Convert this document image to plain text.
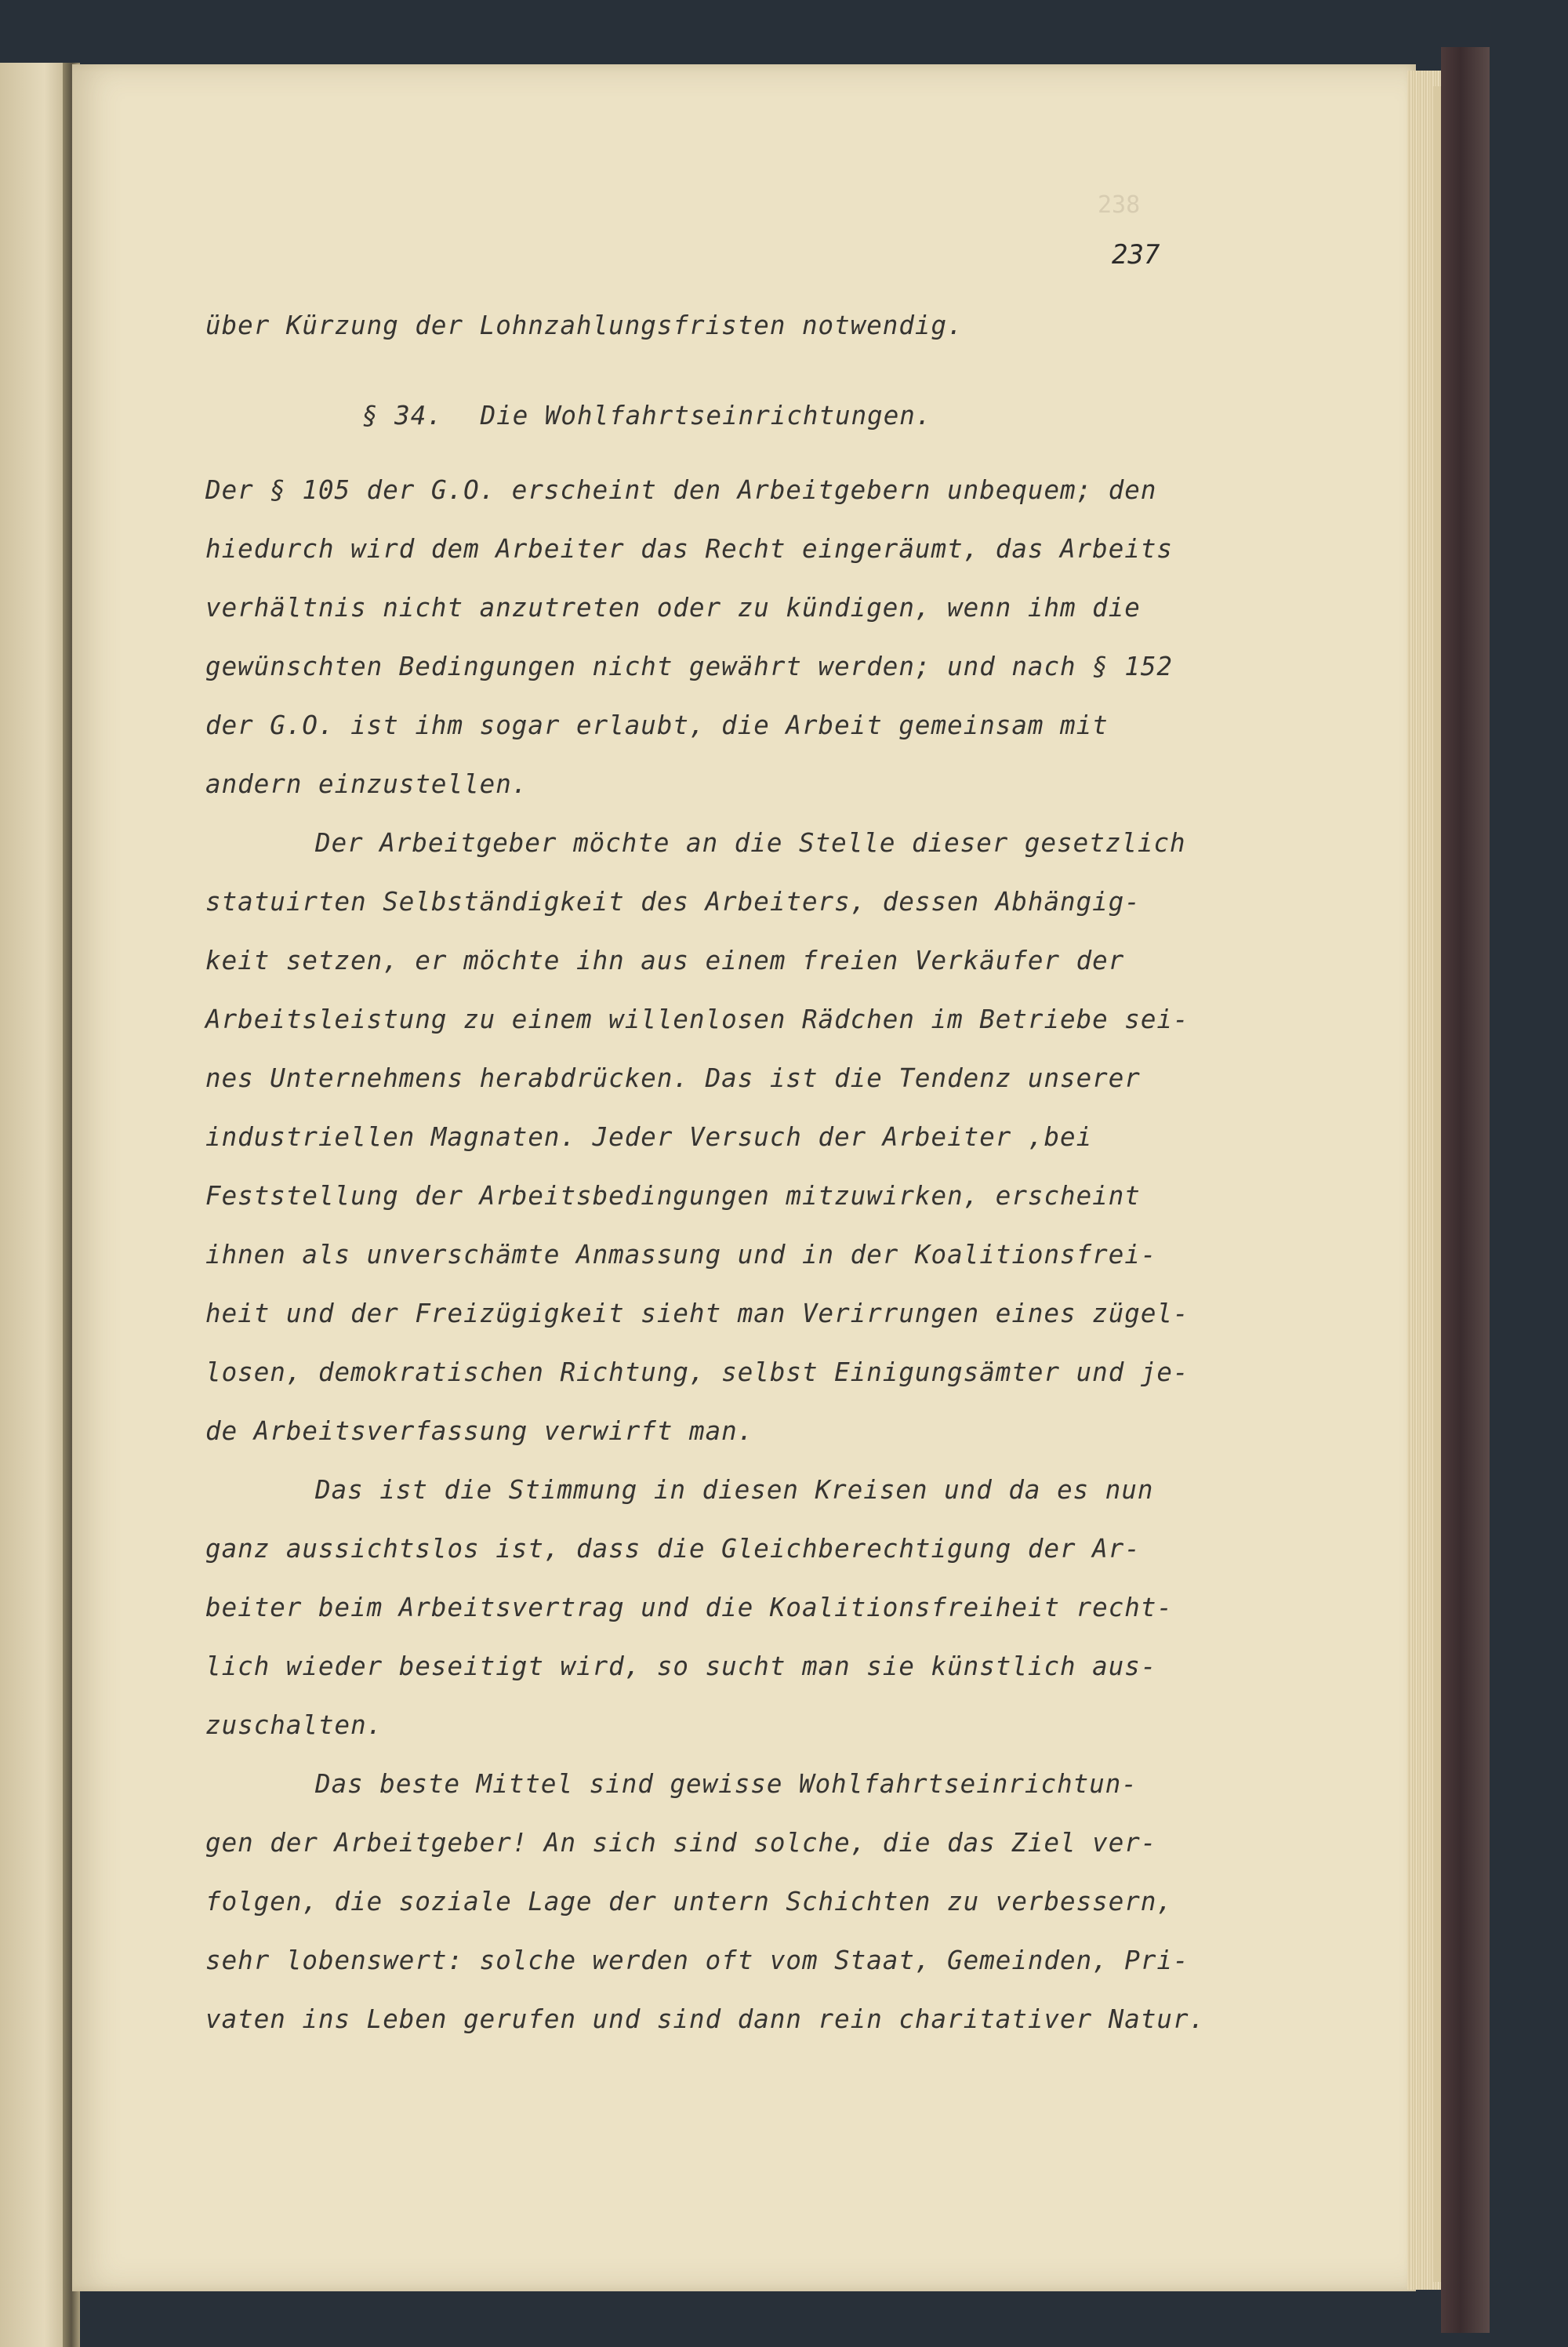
238
237
über Kürzung der Lohnzahlungsfristen notwendig.
§ 34. Die Wohlfahrtseinrichtungen.
Der § 105 der G.O. erscheint den Arbeitgebern unbequem; den
hiedurch wird dem Arbeiter das Recht eingeräumt, das Arbeits
verhältnis nicht anzutreten oder zu kündigen, wenn ihm die
gewünschten Bedingungen nicht gewährt werden; und nach § 152
der G.O. ist ihm sogar erlaubt, die Arbeit gemeinsam mit
andern einzustellen.
Der Arbeitgeber möchte an die Stelle dieser gesetzlich
statuirten Selbständigkeit des Arbeiters, dessen Abhängig-
keit setzen, er möchte ihn aus einem freien Verkäufer der
Arbeitsleistung zu einem willenlosen Rädchen im Betriebe sei-
nes Unternehmens herabdrücken. Das ist die Tendenz unserer
industriellen Magnaten. Jeder Versuch der Arbeiter ,bei
Feststellung der Arbeitsbedingungen mitzuwirken, erscheint
ihnen als unverschämte Anmassung und in der Koalitionsfrei-
heit und der Freizügigkeit sieht man Verirrungen eines zügel-
losen, demokratischen Richtung, selbst Einigungsämter und je-
de Arbeitsverfassung verwirft man.
Das ist die Stimmung in diesen Kreisen und da es nun
ganz aussichtslos ist, dass die Gleichberechtigung der Ar-
beiter beim Arbeitsvertrag und die Koalitionsfreiheit recht-
lich wieder beseitigt wird, so sucht man sie künstlich aus-
zuschalten.
Das beste Mittel sind gewisse Wohlfahrtseinrichtun-
gen der Arbeitgeber! An sich sind solche, die das Ziel ver-
folgen, die soziale Lage der untern Schichten zu verbessern,
sehr lobenswert: solche werden oft vom Staat, Gemeinden, Pri-
vaten ins Leben gerufen und sind dann rein charitativer Natur.
